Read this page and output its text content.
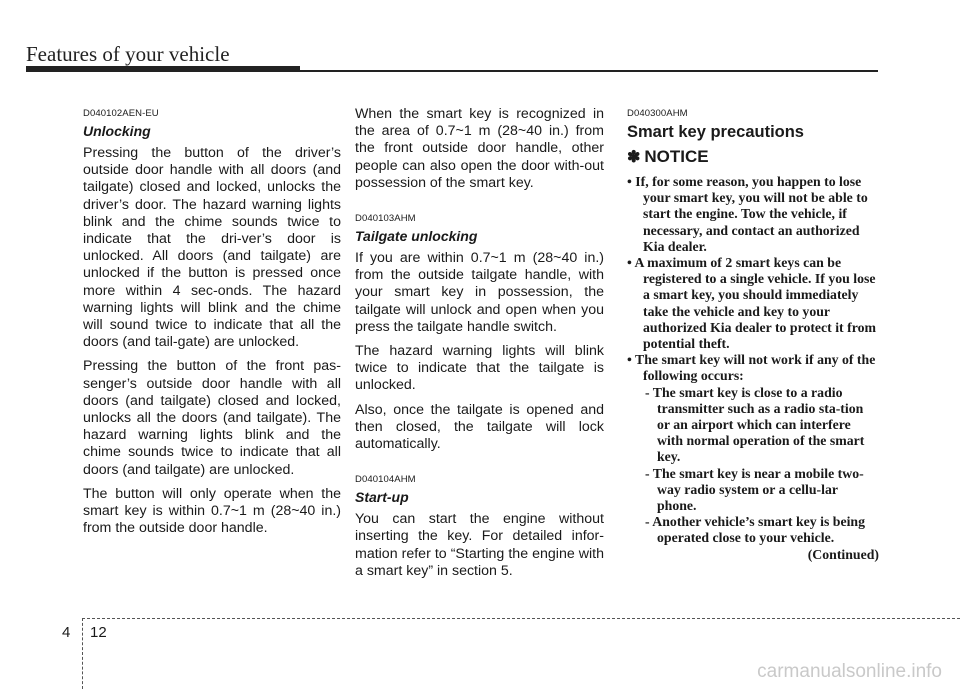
Features of your vehicle
D040102AEN-EU
Unlocking

Pressing the button of the driver’s outside door handle with all doors (and tailgate) closed and locked, unlocks the driver’s door. The hazard warning lights blink and the chime sounds twice to indicate that the dri-ver’s door is unlocked. All doors (and tailgate) are unlocked if the button is pressed once more within 4 sec-onds. The hazard warning lights will blink and the chime will sound twice to indicate that all the doors (and tail-gate) are unlocked.

Pressing the button of the front pas-senger’s outside door handle with all doors (and tailgate) closed and locked, unlocks all the doors (and tailgate). The hazard warning lights blink and the chime sounds twice to indicate that all doors (and tailgate) are unlocked.

The button will only operate when the smart key is within 0.7~1 m (28~40 in.) from the outside door handle.

When the smart key is recognized in the area of 0.7~1 m (28~40 in.) from the front outside door handle, other people can also open the door with-out possession of the smart key.

D040103AHM
Tailgate unlocking

If you are within 0.7~1 m (28~40 in.) from the outside tailgate handle, with your smart key in possession, the tailgate will unlock and open when you press the tailgate handle switch.

The hazard warning lights will blink twice to indicate that the tailgate is unlocked.

Also, once the tailgate is opened and then closed, the tailgate will lock automatically.

D040104AHM
Start-up

You can start the engine without inserting the key. For detailed infor-mation refer to “Starting the engine with a smart key” in section 5.

D040300AHM
Smart key precautions
✽ NOTICE

• If, for some reason, you happen to lose your smart key, you will not be able to start the engine. Tow the vehicle, if necessary, and contact an authorized Kia dealer.

• A maximum of 2 smart keys can be registered to a single vehicle. If you lose a smart key, you should immediately take the vehicle and key to your authorized Kia dealer to protect it from potential theft.

• The smart key will not work if any of the following occurs:

- The smart key is close to a radio transmitter such as a radio sta-tion or an airport which can interfere with normal operation of the smart key.

- The smart key is near a mobile two-way radio system or a cellu-lar phone.

- Another vehicle’s smart key is being operated close to your vehicle.

(Continued)

4 12
carmanualsonline.info
